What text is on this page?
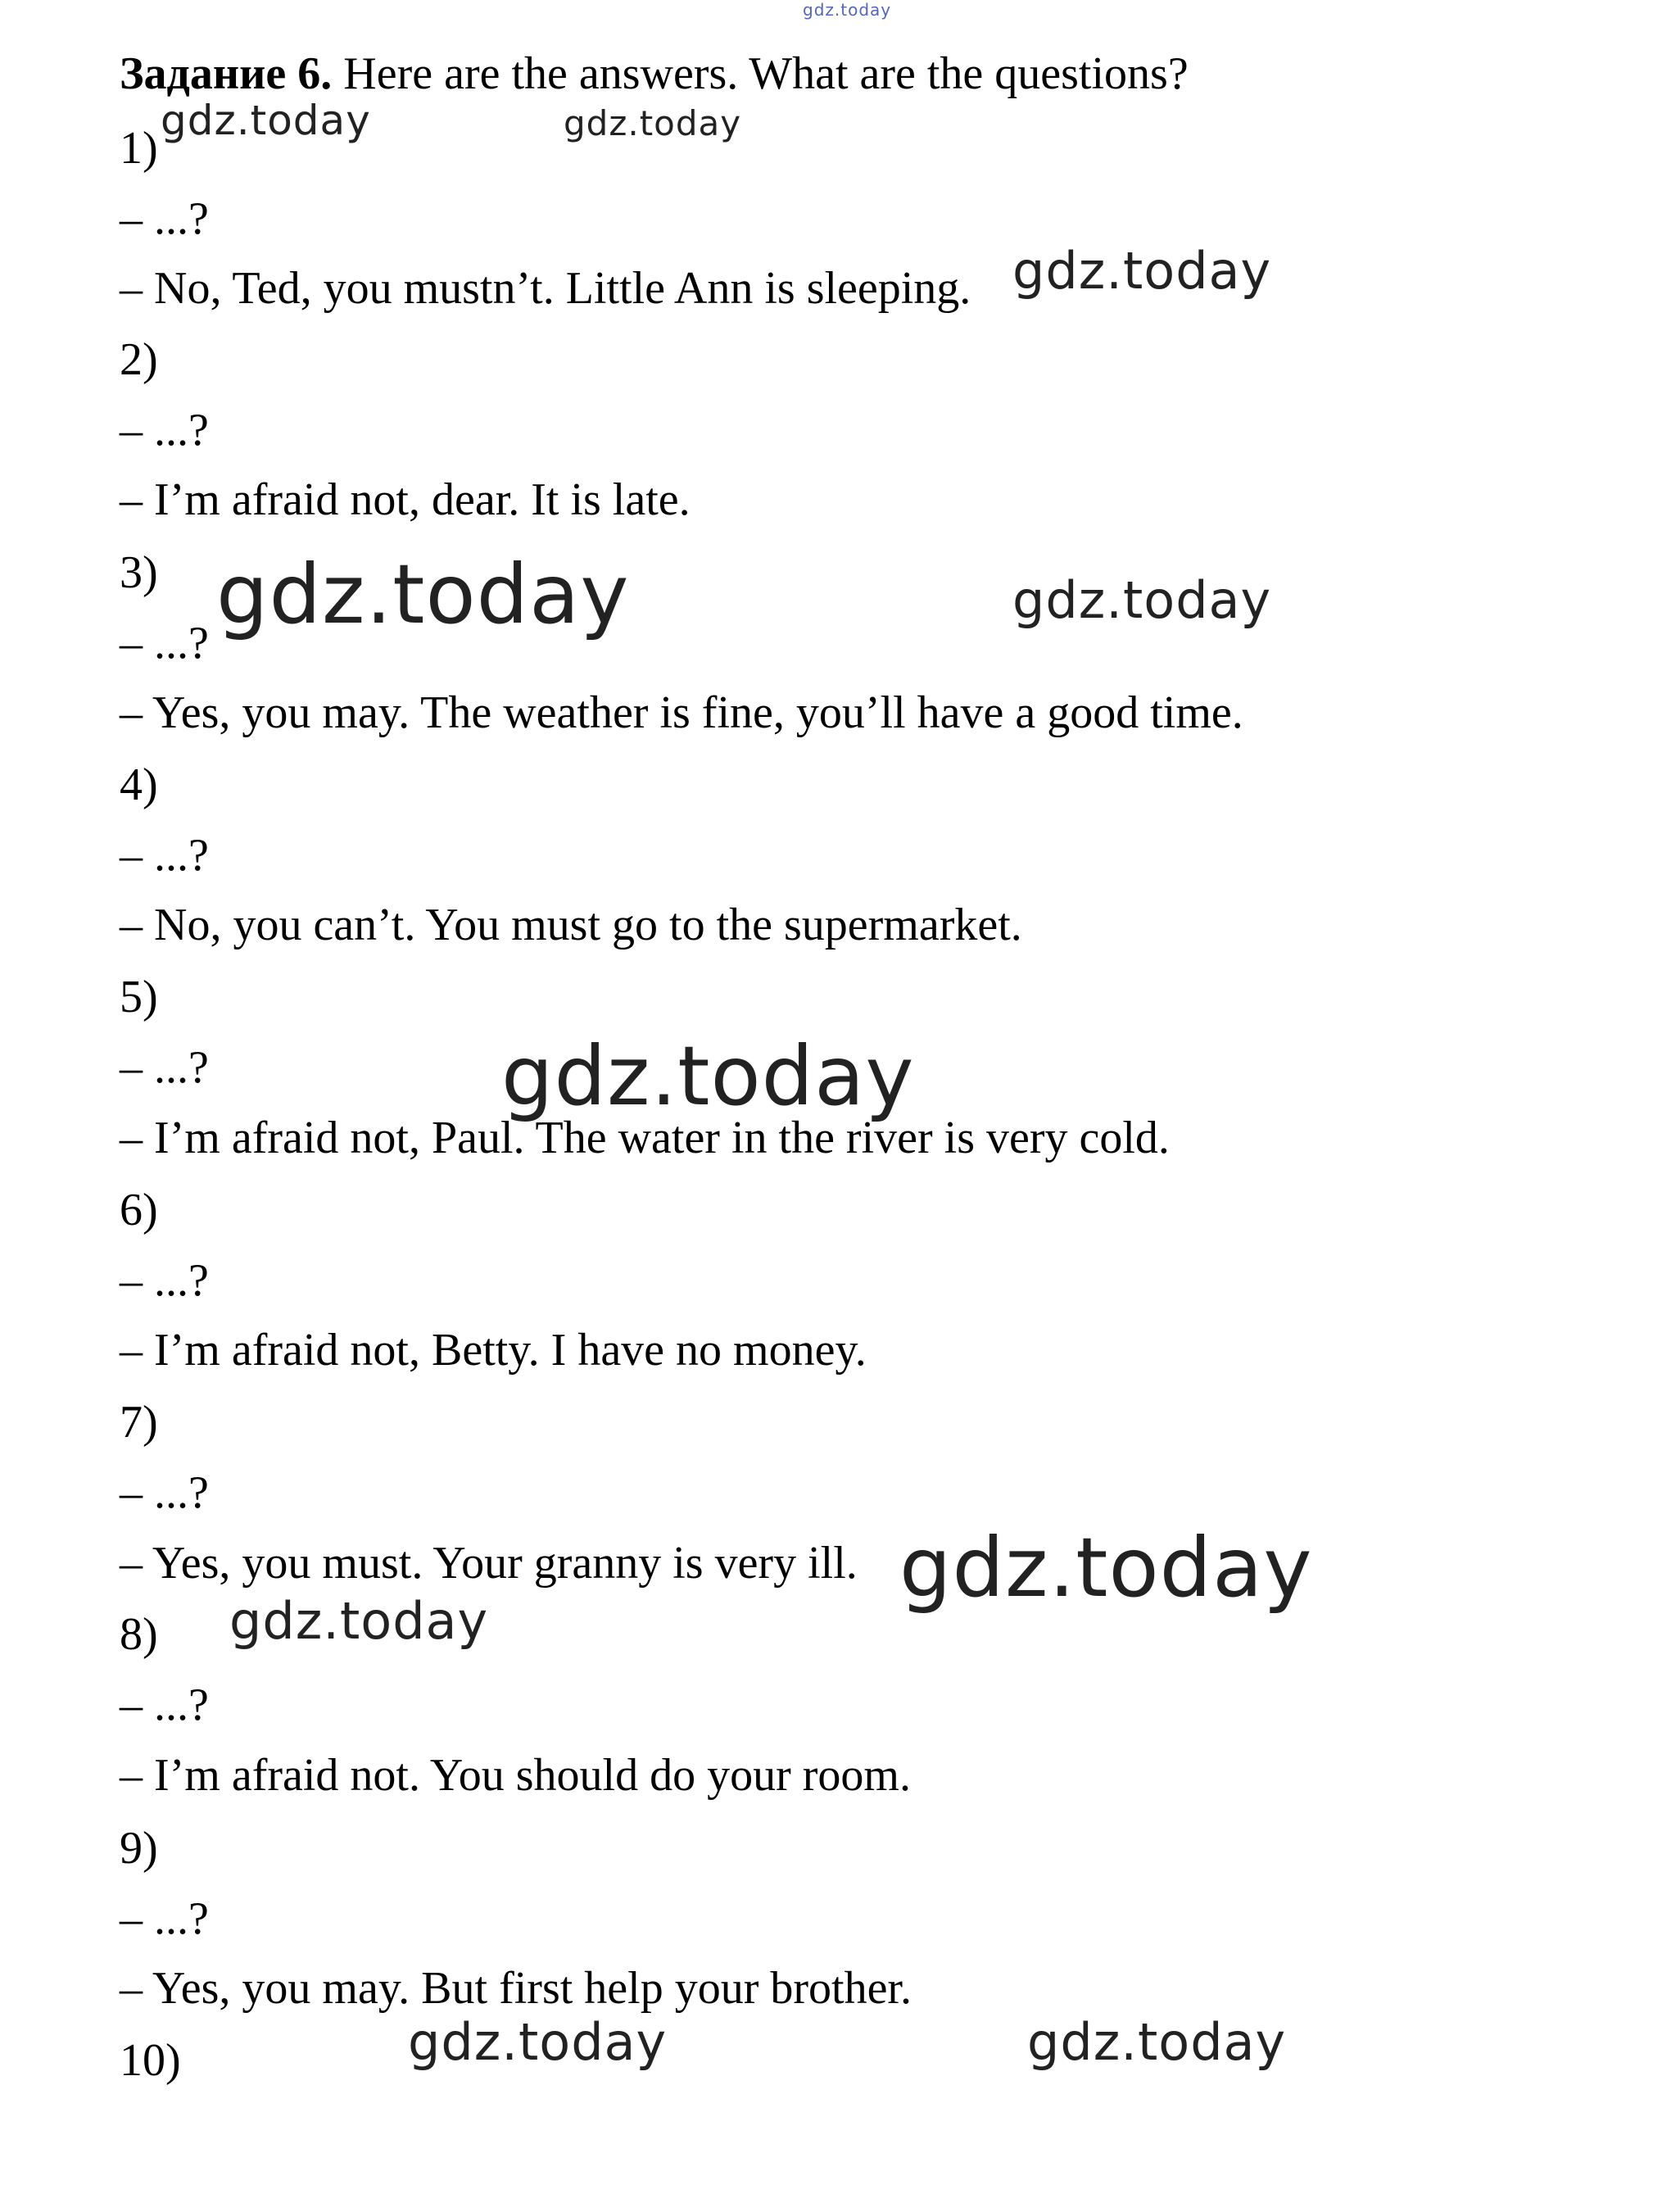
Задание 6. Here are the answers. What are the questions?
1)
– ...?
– No, Ted, you mustn’t. Little Ann is sleeping.
2)
– ...?
– I’m afraid not, dear. It is late.
3)
– ...?
– Yes, you may. The weather is fine, you’ll have a good time.
4)
– ...?
– No, you can’t. You must go to the supermarket.
5)
– ...?
– I’m afraid not, Paul. The water in the river is very cold.
6)
– ...?
– I’m afraid not, Betty. I have no money.
7)
– ...?
– Yes, you must. Your granny is very ill.
8)
– ...?
– I’m afraid not. You should do your room.
9)
– ...?
– Yes, you may. But first help your brother.
10)
gdz.today
gdz.today	gdz.today
gdz.today
gdz.today	gdz.today
gdz.today
gdz.today
gdz.today
gdz.today	gdz.today
